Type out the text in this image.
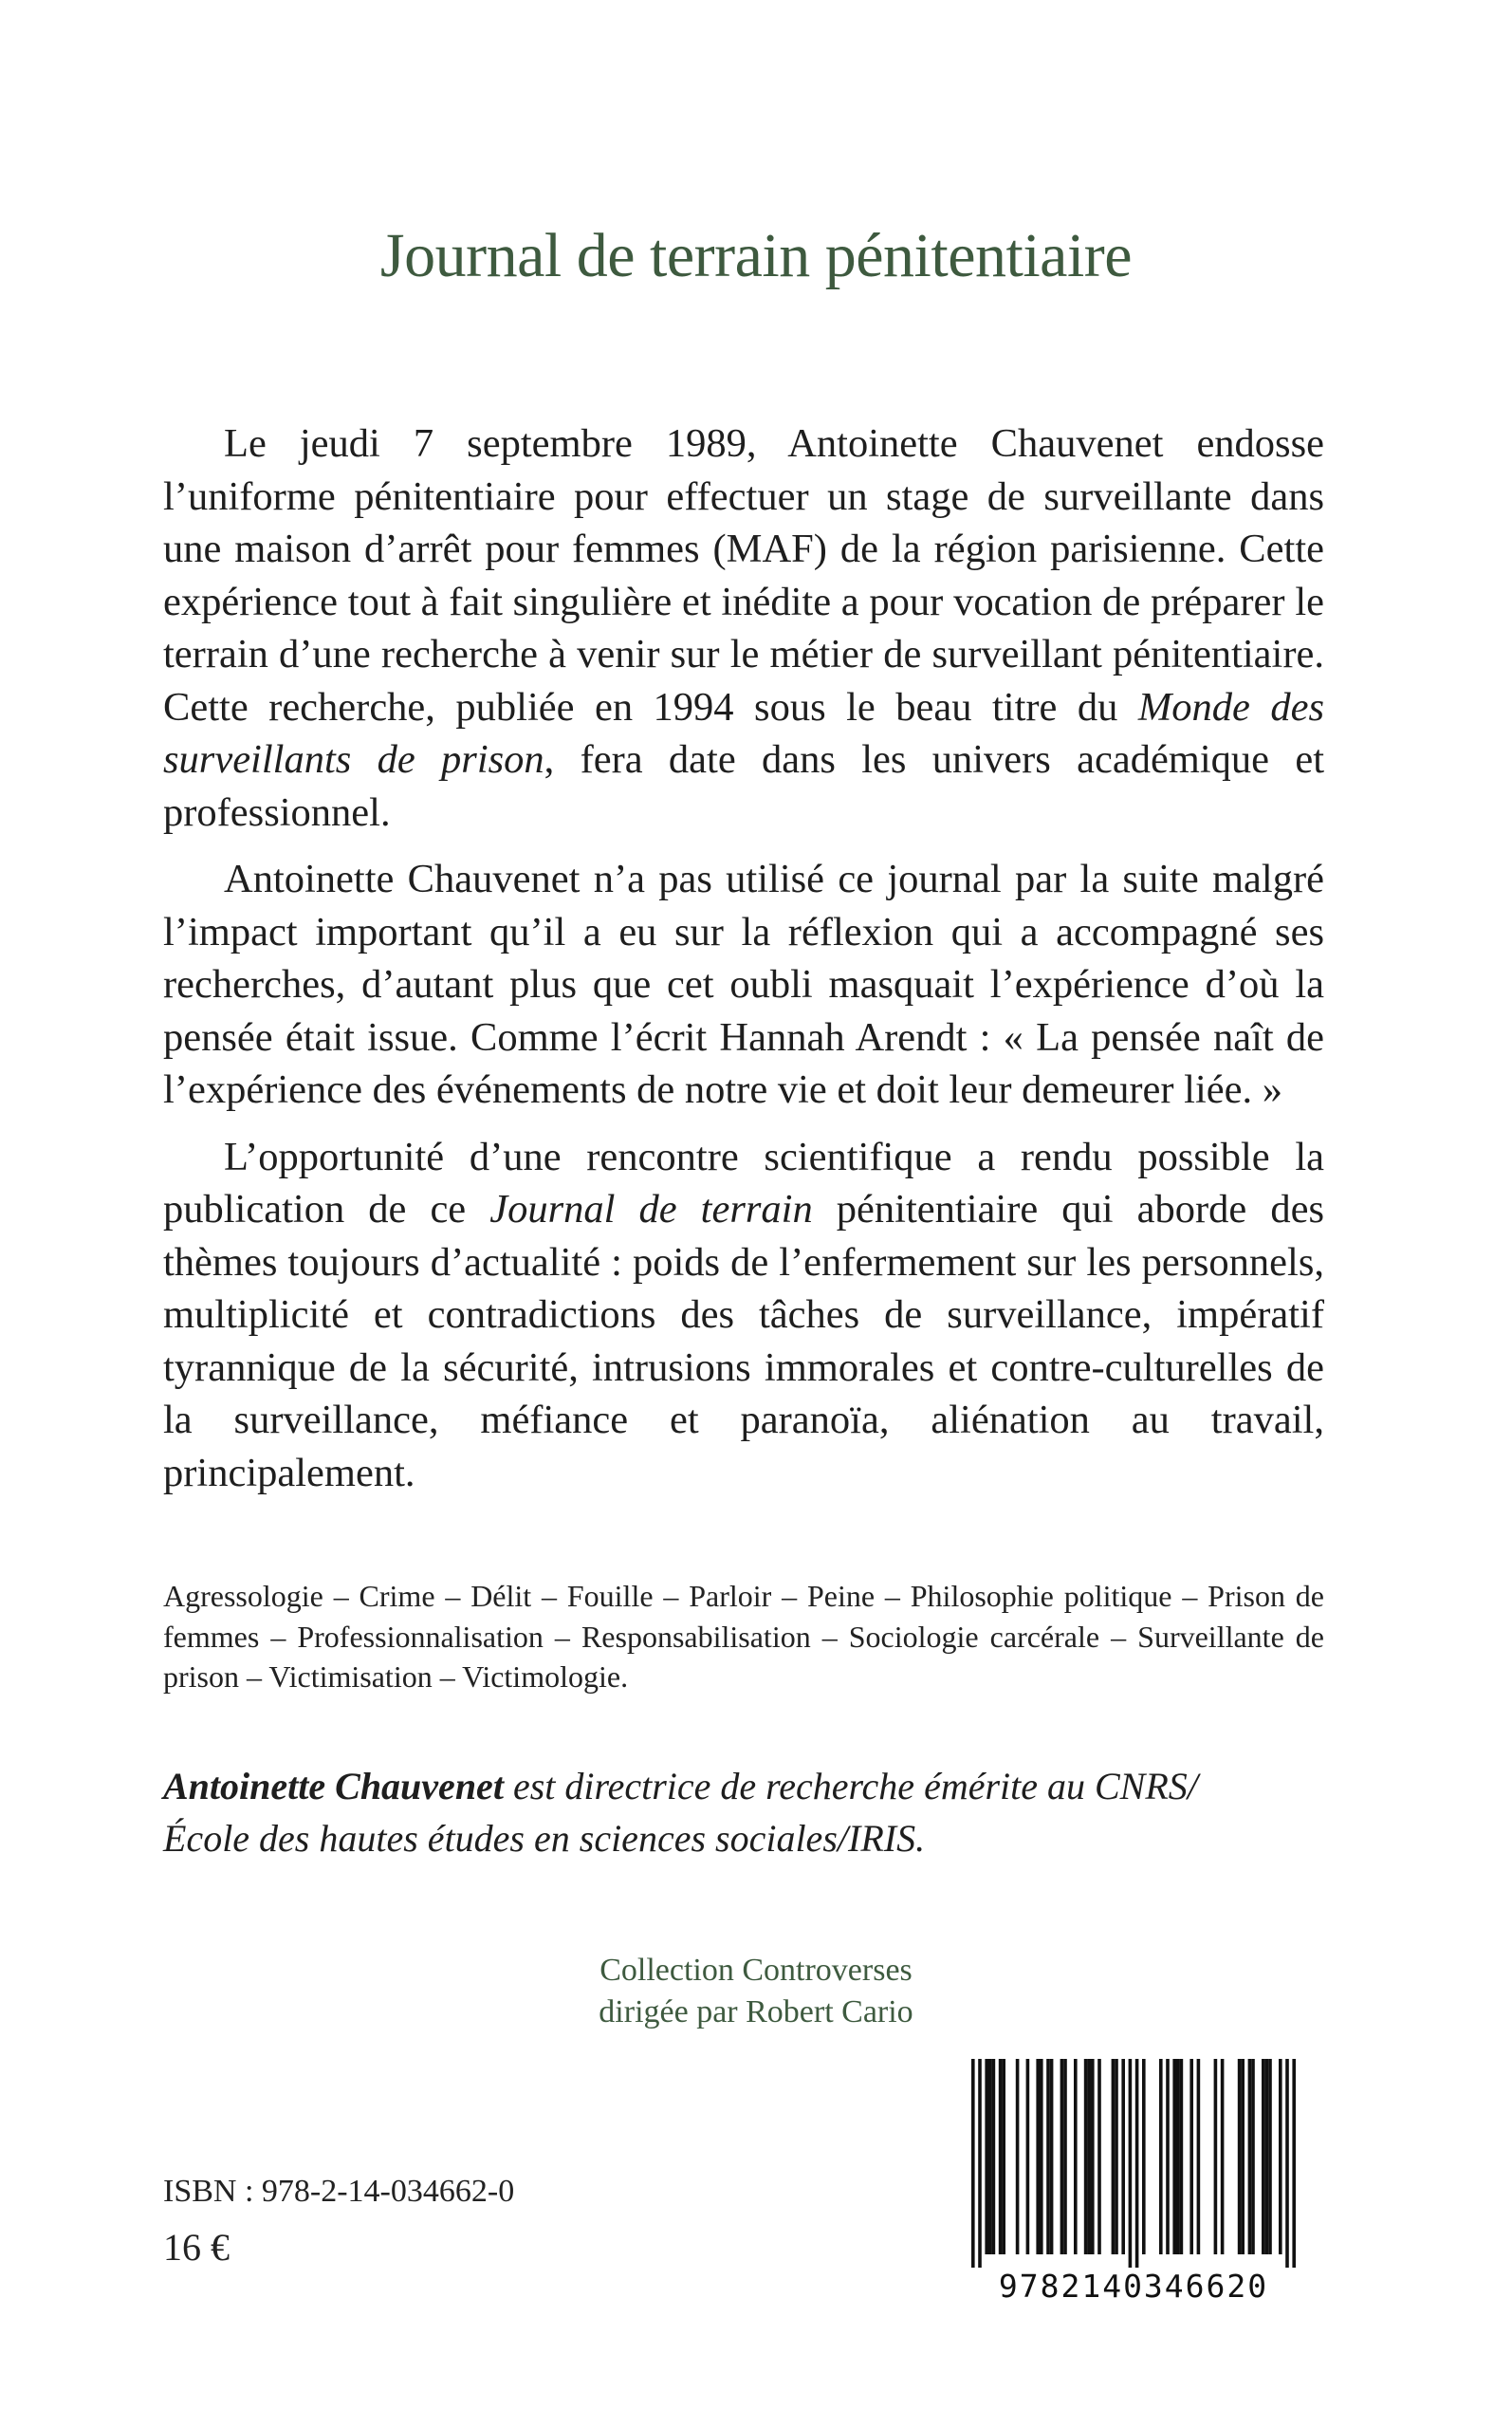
Journal de terrain pénitentiaire

Le jeudi 7 septembre 1989, Antoinette Chauvenet endosse l’uniforme pénitentiaire pour effectuer un stage de surveillante dans une maison d’arrêt pour femmes (MAF) de la région parisienne. Cette expérience tout à fait singulière et inédite a pour vocation de préparer le terrain d’une recherche à venir sur le métier de surveillant pénitentiaire. Cette recherche, publiée en 1994 sous le beau titre du Monde des surveillants de prison, fera date dans les univers académique et professionnel.

Antoinette Chauvenet n’a pas utilisé ce journal par la suite malgré l’impact important qu’il a eu sur la réflexion qui a accompagné ses recherches, d’autant plus que cet oubli masquait l’expérience d’où la pensée était issue. Comme l’écrit Hannah Arendt : « La pensée naît de l’expérience des événements de notre vie et doit leur demeurer liée. »

L’opportunité d’une rencontre scientifique a rendu possible la publication de ce Journal de terrain pénitentiaire qui aborde des thèmes toujours d’actualité : poids de l’enfermement sur les personnels, multiplicité et contradictions des tâches de surveillance, impératif tyrannique de la sécurité, intrusions immorales et contre-culturelles de la surveillance, méfiance et paranoïa, aliénation au travail, principalement.

Agressologie – Crime – Délit – Fouille – Parloir – Peine – Philosophie politique – Prison de femmes – Professionnalisation – Responsabilisation – Sociologie carcérale – Surveillante de prison – Victimisation – Victimologie.
Antoinette Chauvenet est directrice de recherche émérite au CNRS/
École des hautes études en sciences sociales/IRIS.
Collection Controverses
dirigée par Robert Cario
ISBN : 978-2-14-034662-0
16 €
9782140346620
